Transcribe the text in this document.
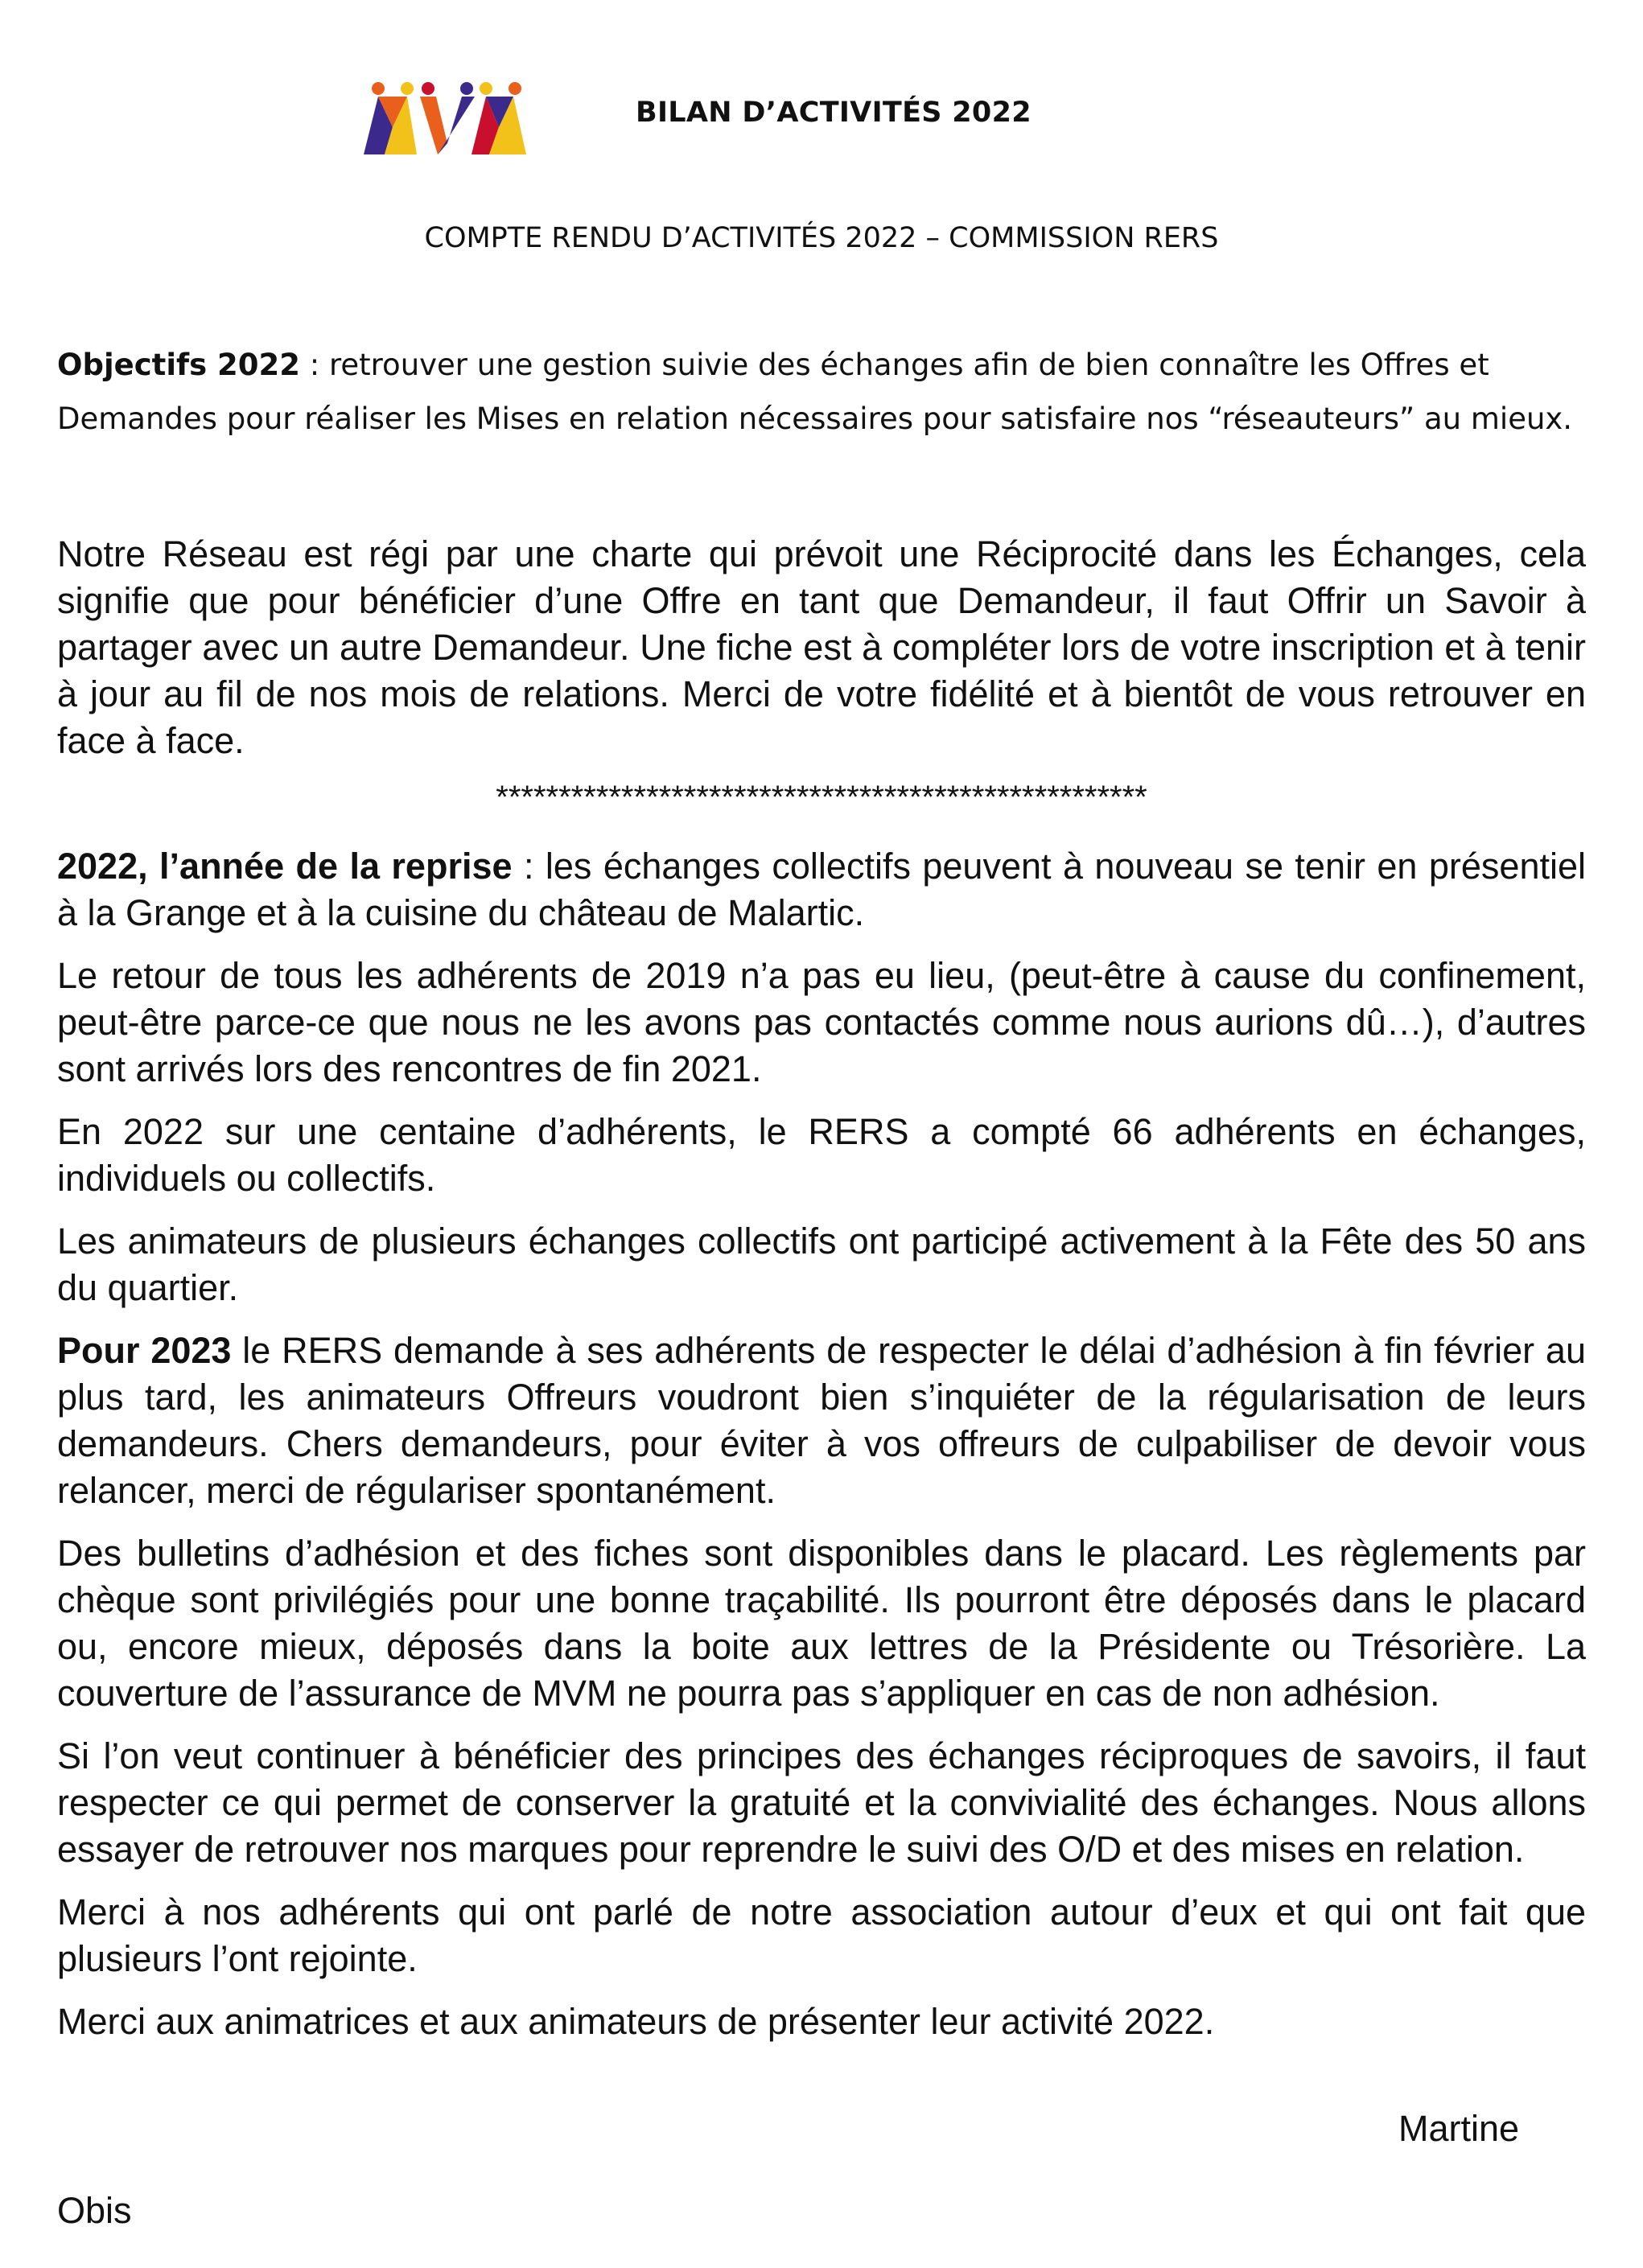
BILAN D’ACTIVITÉS 2022
COMPTE RENDU D’ACTIVITÉS 2022 – COMMISSION RERS
Objectifs 2022 : retrouver une gestion suivie des échanges afin de bien connaître les Offres et Demandes pour réaliser les Mises en relation nécessaires pour satisfaire nos “réseauteurs” au mieux.

Notre Réseau est régi par une charte qui prévoit une Réciprocité dans les Échanges, cela signifie que pour bénéficier d’une Offre en tant que Demandeur, il faut Offrir un Savoir à partager avec un autre Demandeur. Une fiche est à compléter lors de votre inscription et à tenir à jour au fil de nos mois de relations. Merci de votre fidélité et à bientôt de vous retrouver en face à face.

****************************************************

2022, l’année de la reprise : les échanges collectifs peuvent à nouveau se tenir en présentiel à la Grange et à la cuisine du château de Malartic.

Le retour de tous les adhérents de 2019 n’a pas eu lieu, (peut-être à cause du confinement, peut-être parce-ce que nous ne les avons pas contactés comme nous aurions dû…), d’autres sont arrivés lors des rencontres de fin 2021.

En 2022 sur une centaine d’adhérents, le RERS a compté 66 adhérents en échanges, individuels ou collectifs.

Les animateurs de plusieurs échanges collectifs ont participé activement à la Fête des 50 ans du quartier.

Pour 2023 le RERS demande à ses adhérents de respecter le délai d’adhésion à fin février au plus tard, les animateurs Offreurs voudront bien s’inquiéter de la régularisation de leurs demandeurs. Chers demandeurs, pour éviter à vos offreurs de culpabiliser de devoir vous relancer, merci de régulariser spontanément.

Des bulletins d’adhésion et des fiches sont disponibles dans le placard. Les règlements par chèque sont privilégiés pour une bonne traçabilité. Ils pourront être déposés dans le placard ou, encore mieux, déposés dans la boite aux lettres de la Présidente ou Trésorière. La couverture de l’assurance de MVM ne pourra pas s’appliquer en cas de non adhésion.

Si l’on veut continuer à bénéficier des principes des échanges réciproques de savoirs, il faut respecter ce qui permet de conserver la gratuité et la convivialité des échanges. Nous allons essayer de retrouver nos marques pour reprendre le suivi des O/D et des mises en relation.

Merci à nos adhérents qui ont parlé de notre association autour d’eux et qui ont fait que plusieurs l’ont rejointe.

Merci aux animatrices et aux animateurs de présenter leur activité 2022.

Martine
Obis
